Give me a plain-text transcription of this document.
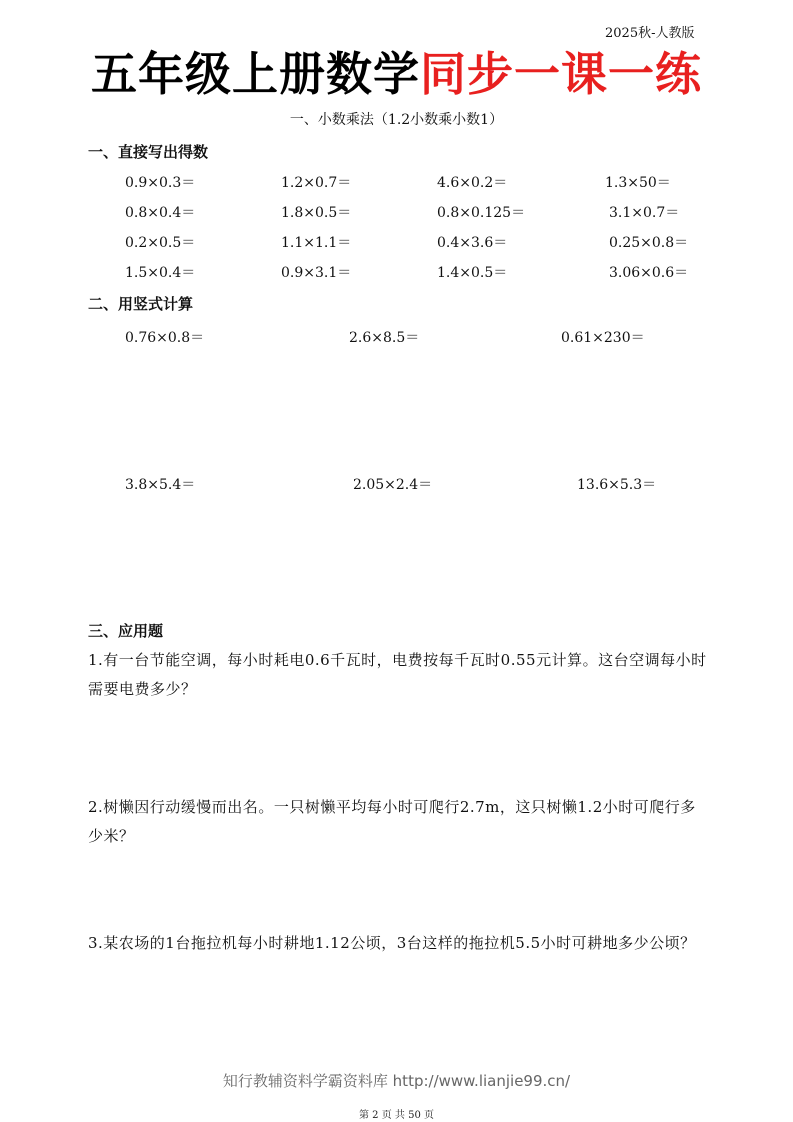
2025秋-人教版
五年级上册数学同步一课一练
一、小数乘法（1.2小数乘小数1）
一、直接写出得数
0.9×0.3＝	1.2×0.7＝	4.6×0.2＝	1.3×50＝
0.8×0.4＝	1.8×0.5＝	0.8×0.125＝	3.1×0.7＝
0.2×0.5＝	1.1×1.1＝	0.4×3.6＝	0.25×0.8＝
1.5×0.4＝	0.9×3.1＝	1.4×0.5＝	3.06×0.6＝
二、用竖式计算
0.76×0.8＝	2.6×8.5＝	0.61×230＝
3.8×5.4＝	2.05×2.4＝	13.6×5.3＝
三、应用题
1.有一台节能空调，每小时耗电0.6千瓦时，电费按每千瓦时0.55元计算。这台空调每小时需要电费多少？
2.树懒因行动缓慢而出名。一只树懒平均每小时可爬行2.7m，这只树懒1.2小时可爬行多少米？
3.某农场的1台拖拉机每小时耕地1.12公顷，3台这样的拖拉机5.5小时可耕地多少公顷？
知行教辅资料学霸资料库 http://www.lianjie99.cn/
第 2 页 共 50 页
